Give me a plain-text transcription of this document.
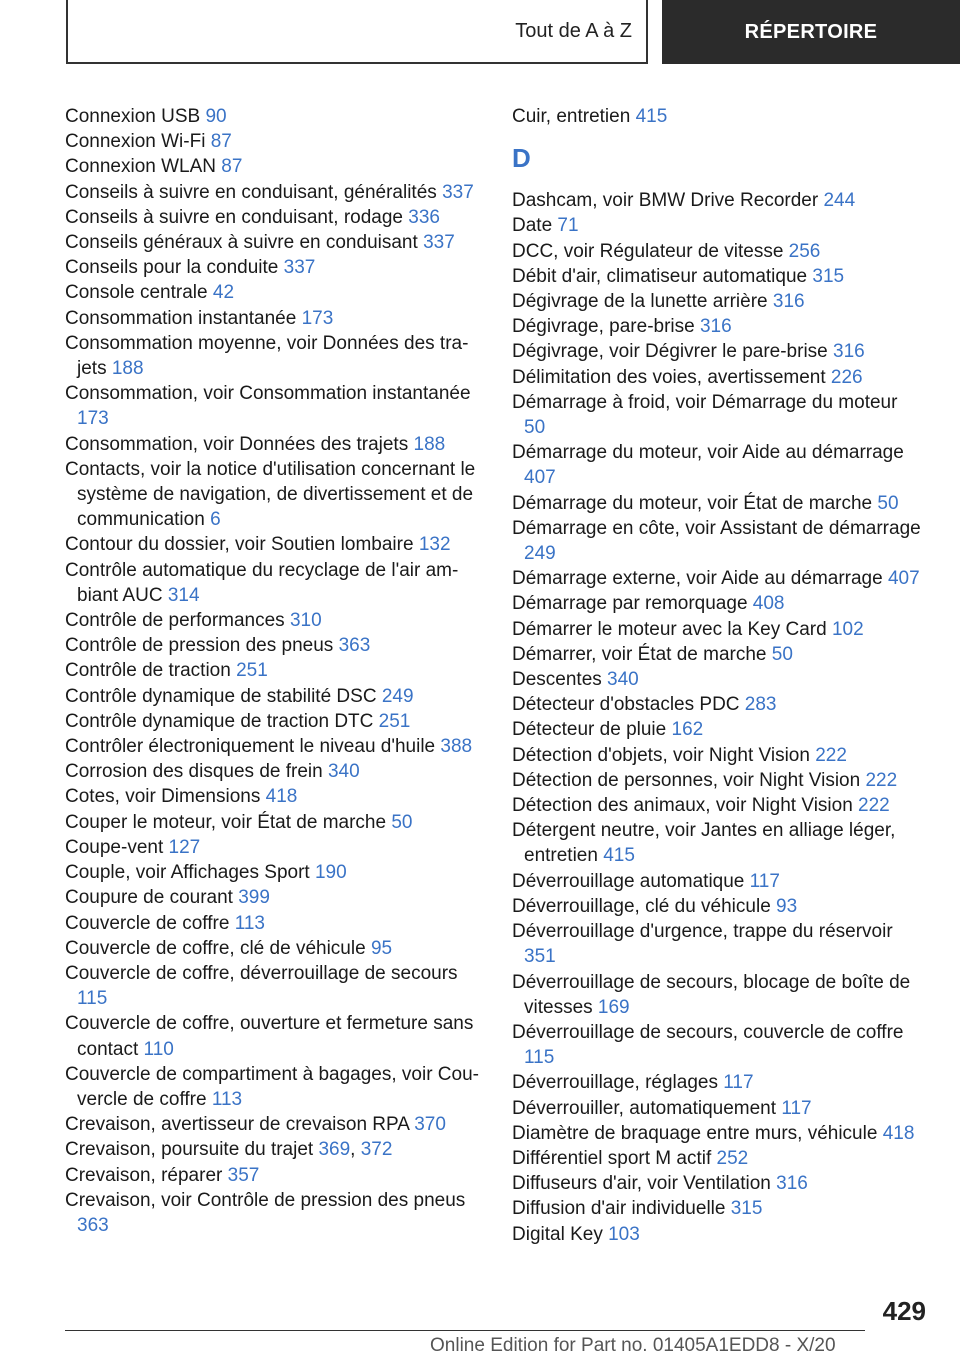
Tout de A à Z	RÉPERTOIRE
Connexion USB 90
Connexion Wi-Fi 87
Connexion WLAN 87
Conseils à suivre en conduisant, généralités 337
Conseils à suivre en conduisant, rodage 336
Conseils généraux à suivre en conduisant 337
Conseils pour la conduite 337
Console centrale 42
Consommation instantanée 173
Consommation moyenne, voir Données des trajets 188
Consommation, voir Consommation instantanée 173
Consommation, voir Données des trajets 188
Contacts, voir la notice d'utilisation concernant le système de navigation, de divertissement et de communication 6
Contour du dossier, voir Soutien lombaire 132
Contrôle automatique du recyclage de l'air ambiant AUC 314
Contrôle de performances 310
Contrôle de pression des pneus 363
Contrôle de traction 251
Contrôle dynamique de stabilité DSC 249
Contrôle dynamique de traction DTC 251
Contrôler électroniquement le niveau d'huile 388
Corrosion des disques de frein 340
Cotes, voir Dimensions 418
Couper le moteur, voir État de marche 50
Coupe-vent 127
Couple, voir Affichages Sport 190
Coupure de courant 399
Couvercle de coffre 113
Couvercle de coffre, clé de véhicule 95
Couvercle de coffre, déverrouillage de secours 115
Couvercle de coffre, ouverture et fermeture sans contact 110
Couvercle de compartiment à bagages, voir Couvercle de coffre 113
Crevaison, avertisseur de crevaison RPA 370
Crevaison, poursuite du trajet 369, 372
Crevaison, réparer 357
Crevaison, voir Contrôle de pression des pneus 363
Cuir, entretien 415
D
Dashcam, voir BMW Drive Recorder 244
Date 71
DCC, voir Régulateur de vitesse 256
Débit d'air, climatiseur automatique 315
Dégivrage de la lunette arrière 316
Dégivrage, pare-brise 316
Dégivrage, voir Dégivrer le pare-brise 316
Délimitation des voies, avertissement 226
Démarrage à froid, voir Démarrage du moteur 50
Démarrage du moteur, voir Aide au démarrage 407
Démarrage du moteur, voir État de marche 50
Démarrage en côte, voir Assistant de démarrage 249
Démarrage externe, voir Aide au démarrage 407
Démarrage par remorquage 408
Démarrer le moteur avec la Key Card 102
Démarrer, voir État de marche 50
Descentes 340
Détecteur d'obstacles PDC 283
Détecteur de pluie 162
Détection d'objets, voir Night Vision 222
Détection de personnes, voir Night Vision 222
Détection des animaux, voir Night Vision 222
Détergent neutre, voir Jantes en alliage léger, entretien 415
Déverrouillage automatique 117
Déverrouillage, clé du véhicule 93
Déverrouillage d'urgence, trappe du réservoir 351
Déverrouillage de secours, blocage de boîte de vitesses 169
Déverrouillage de secours, couvercle de coffre 115
Déverrouillage, réglages 117
Déverrouiller, automatiquement 117
Diamètre de braquage entre murs, véhicule 418
Différentiel sport M actif 252
Diffuseurs d'air, voir Ventilation 316
Diffusion d'air individuelle 315
Digital Key 103
429
Online Edition for Part no. 01405A1EDD8 - X/20
